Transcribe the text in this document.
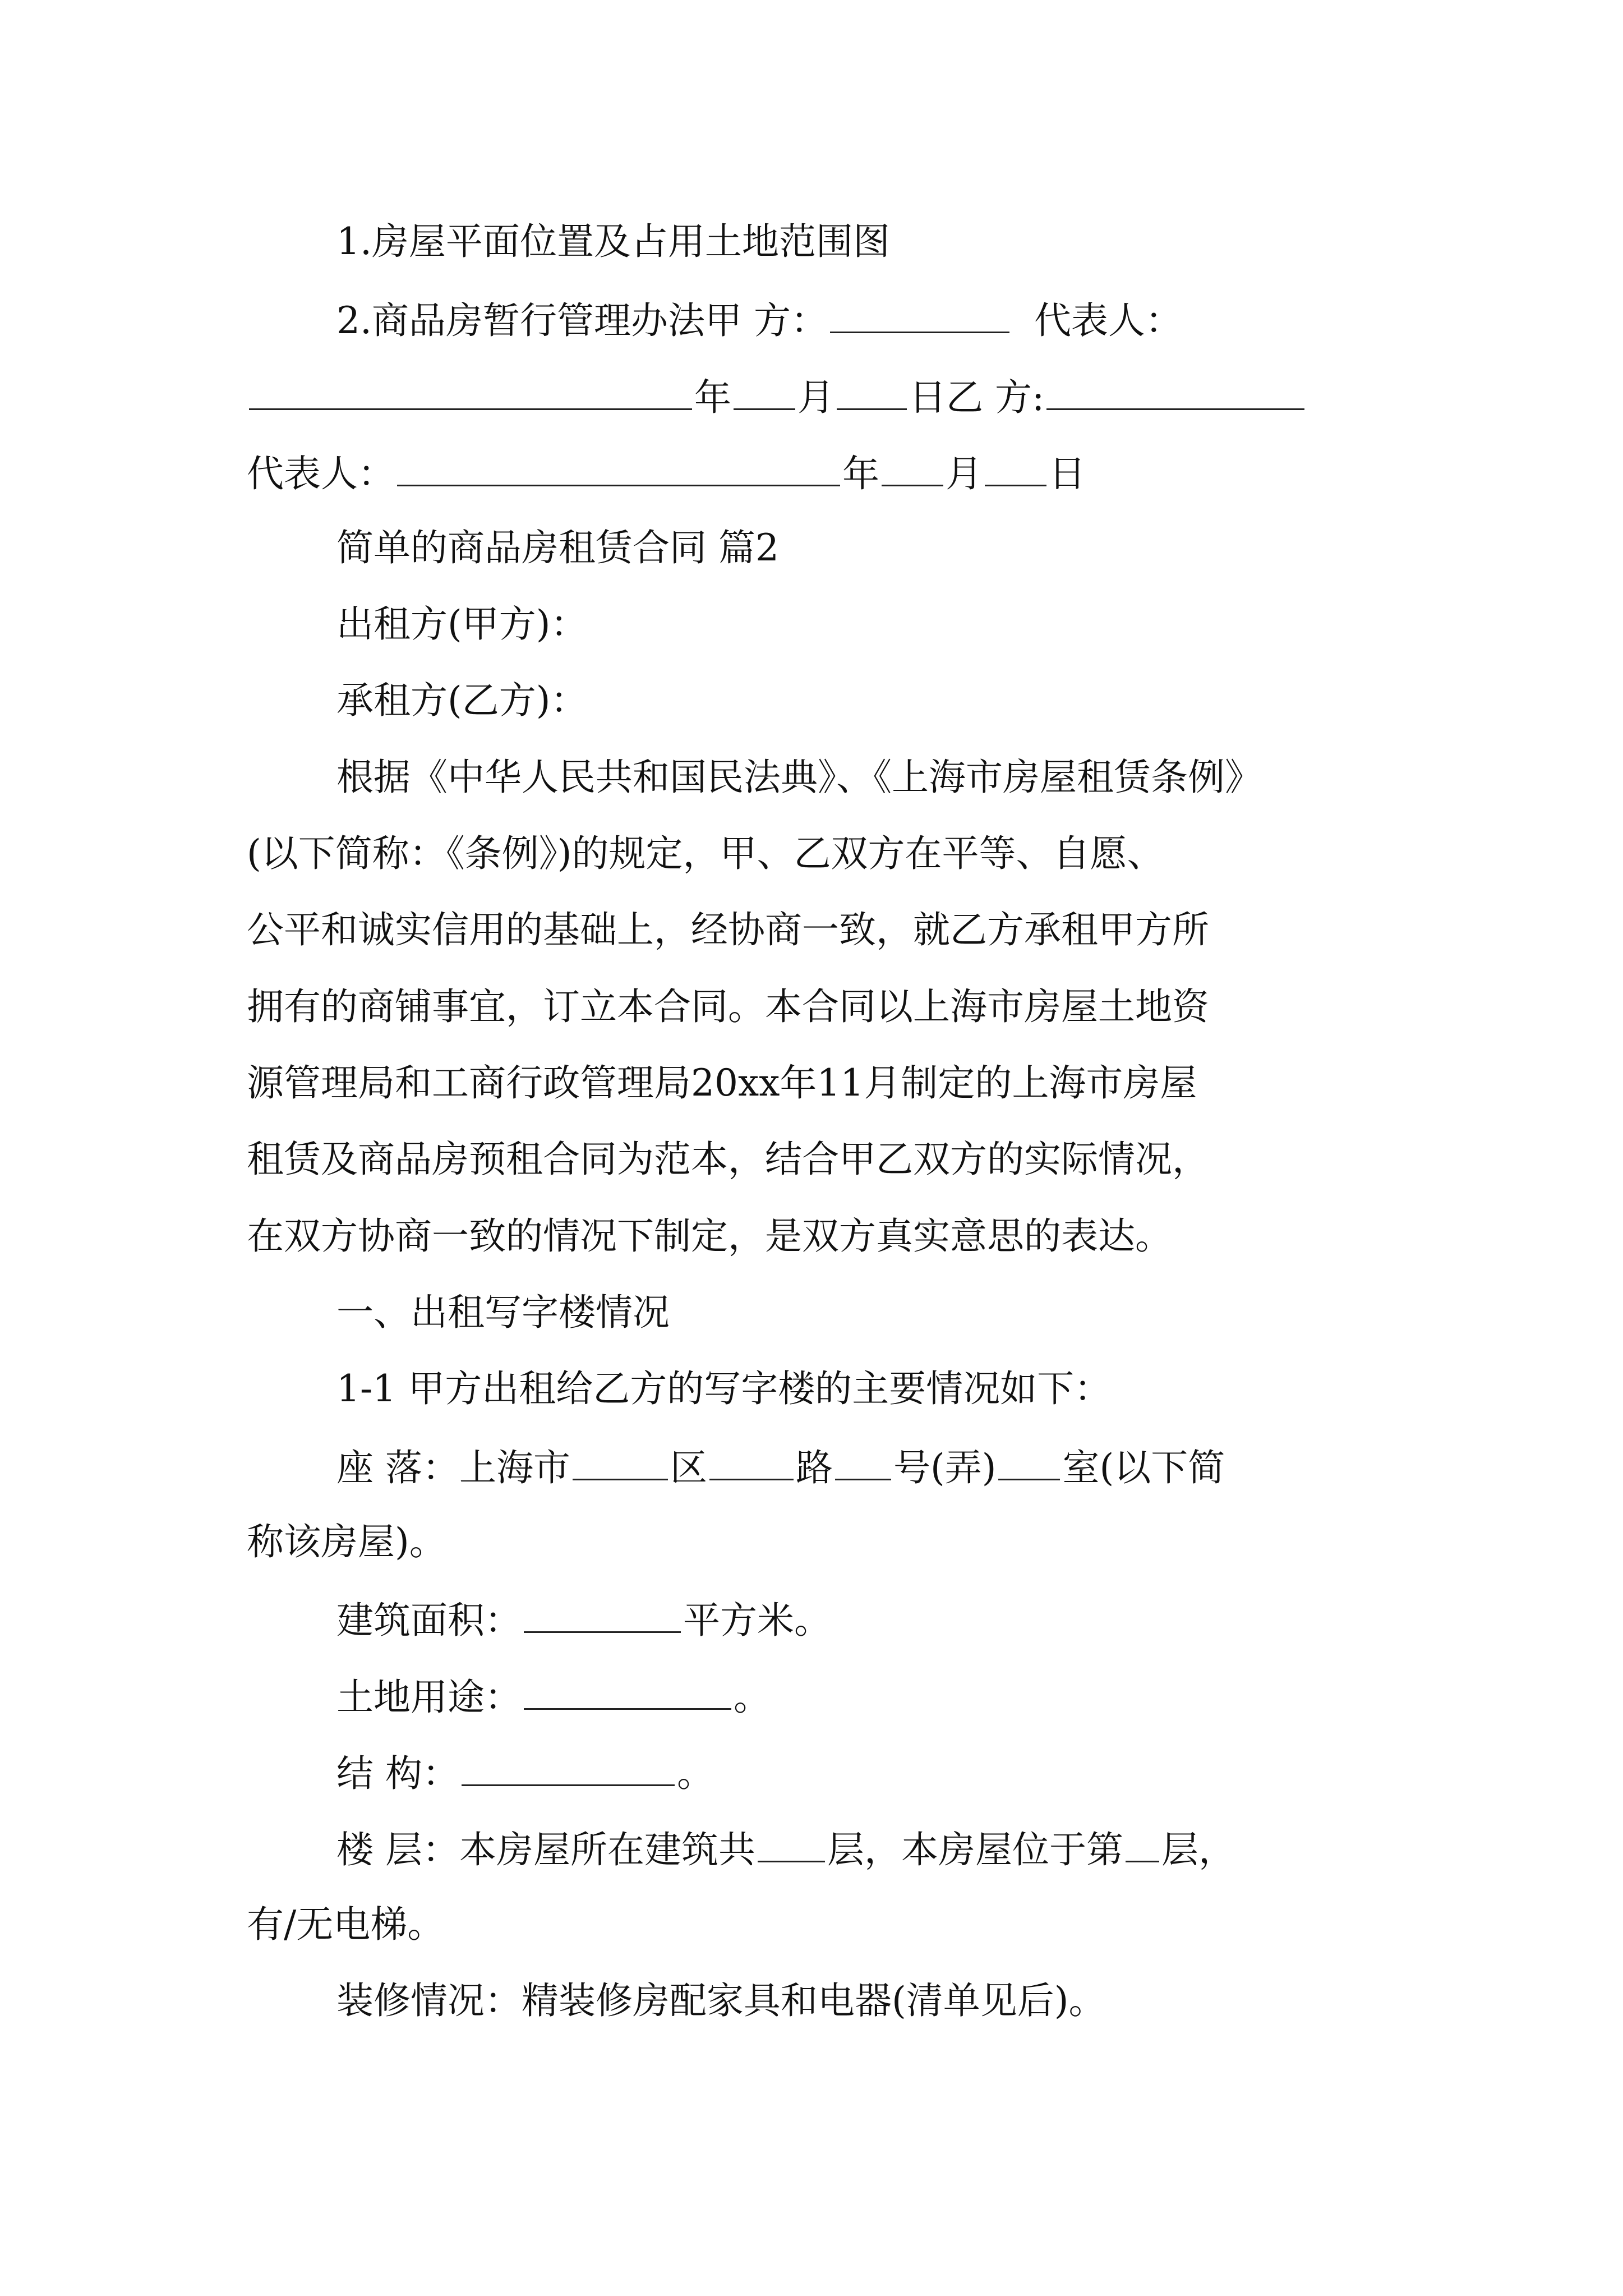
1.房屋平面位置及占用土地范围图
2.商品房暂行管理办法甲 方：	代表人：
年 月 日乙 方:
代表人：	年 月 日
简单的商品房租赁合同 篇2
出租方(甲方)：
承租方(乙方)：
根据《中华人民共和国民法典》、《上海市房屋租赁条例》
(以下简称：《条例》)的规定，甲、乙双方在平等、自愿、
公平和诚实信用的基础上，经协商一致，就乙方承租甲方所
拥有的商铺事宜，订立本合同。本合同以上海市房屋土地资
源管理局和工商行政管理局20xx年11月制定的上海市房屋
租赁及商品房预租合同为范本，结合甲乙双方的实际情况，
在双方协商一致的情况下制定，是双方真实意思的表达。
一、出租写字楼情况
1-1 甲方出租给乙方的写字楼的主要情况如下：
座 落：上海市	区 路 号(弄) 室(以下简
称该房屋)。
建筑面积：	平方米。
土地用途：	。
结 构：	。
楼 层：本房屋所在建筑共 层，本房屋位于第 层，
有/无电梯。
装修情况：精装修房配家具和电器(清单见后)。
